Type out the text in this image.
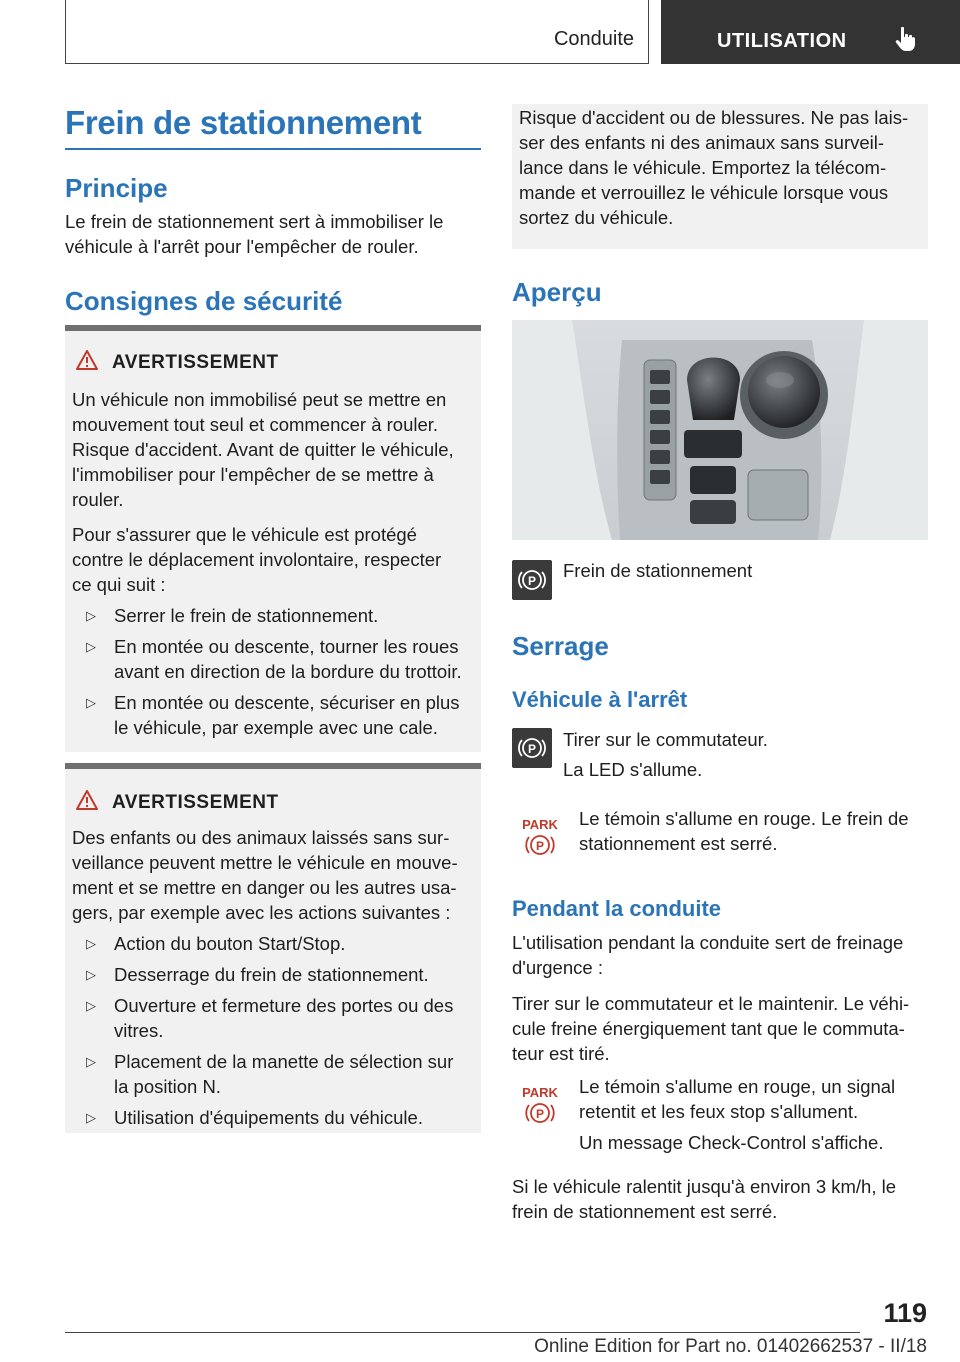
Conduite	UTILISATION
Frein de stationnement
Principe
Le frein de stationnement sert à immobiliser le
véhicule à l'arrêt pour l'empêcher de rouler.
Consignes de sécurité
AVERTISSEMENT
Un véhicule non immobilisé peut se mettre en
mouvement tout seul et commencer à rouler.
Risque d'accident. Avant de quitter le véhicule,
l'immobiliser pour l'empêcher de se mettre à
rouler.
Pour s'assurer que le véhicule est protégé
contre le déplacement involontaire, respecter
ce qui suit :
▷ Serrer le frein de stationnement.
▷ En montée ou descente, tourner les roues
avant en direction de la bordure du trottoir.
▷ En montée ou descente, sécuriser en plus
le véhicule, par exemple avec une cale.
AVERTISSEMENT
Des enfants ou des animaux laissés sans sur-
veillance peuvent mettre le véhicule en mouve-
ment et se mettre en danger ou les autres usa-
gers, par exemple avec les actions suivantes :
▷ Action du bouton Start/Stop.
▷ Desserrage du frein de stationnement.
▷ Ouverture et fermeture des portes ou des
vitres.
▷ Placement de la manette de sélection sur
la position N.
▷ Utilisation d'équipements du véhicule.
Risque d'accident ou de blessures. Ne pas lais-
ser des enfants ni des animaux sans surveil-
lance dans le véhicule. Emportez la télécom-
mande et verrouillez le véhicule lorsque vous
sortez du véhicule.
Aperçu
P Frein de stationnement
Serrage
Véhicule à l'arrêt
P Tirer sur le commutateur.
La LED s'allume.
PARK
P
Le témoin s'allume en rouge. Le frein de
stationnement est serré.
Pendant la conduite
L'utilisation pendant la conduite sert de freinage
d'urgence :
Tirer sur le commutateur et le maintenir. Le véhi-
cule freine énergiquement tant que le commuta-
teur est tiré.
PARK
P
Le témoin s'allume en rouge, un signal
retentit et les feux stop s'allument.
Un message Check-Control s'affiche.
Si le véhicule ralentit jusqu'à environ 3 km/h, le
frein de stationnement est serré.
119
Online Edition for Part no. 01402662537 - II/18
